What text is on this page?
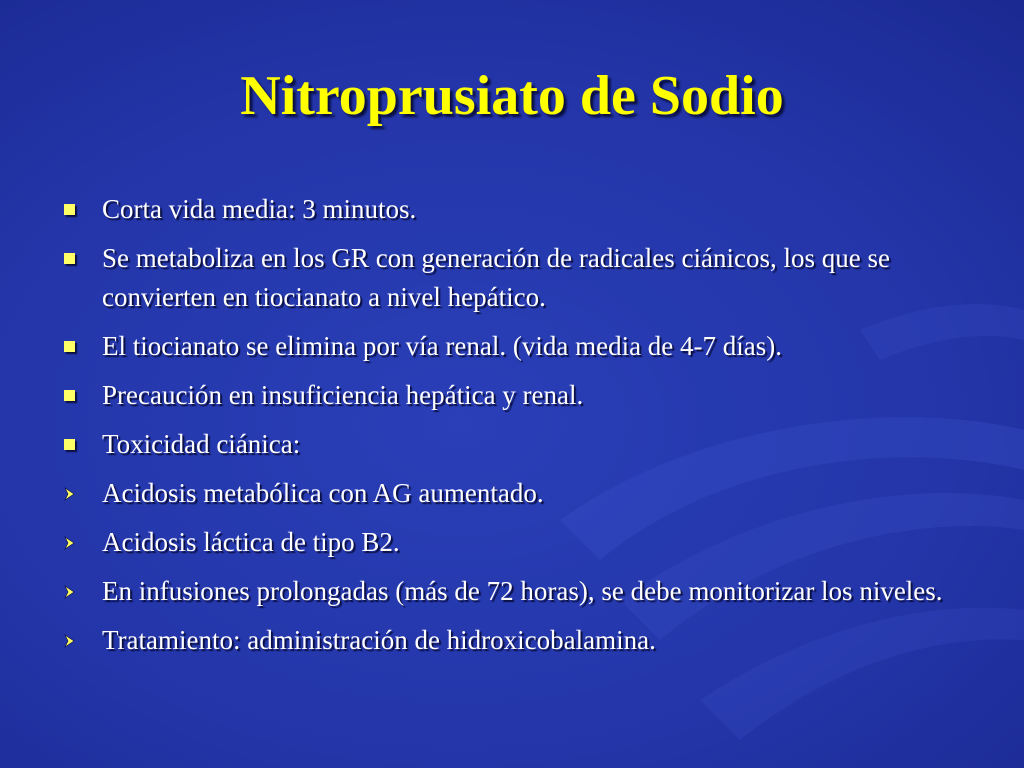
Nitroprusiato de Sodio
Corta vida media: 3 minutos.
Se metaboliza en los GR con generación de radicales ciánicos, los que se convierten en tiocianato a nivel hepático.
El tiocianato se elimina por vía renal. (vida media de 4-7 días).
Precaución en insuficiencia hepática y renal.
Toxicidad ciánica:
Acidosis metabólica con AG aumentado.
Acidosis láctica de tipo B2.
En infusiones prolongadas (más de 72 horas), se debe monitorizar los niveles.
Tratamiento: administración de hidroxicobalamina.
